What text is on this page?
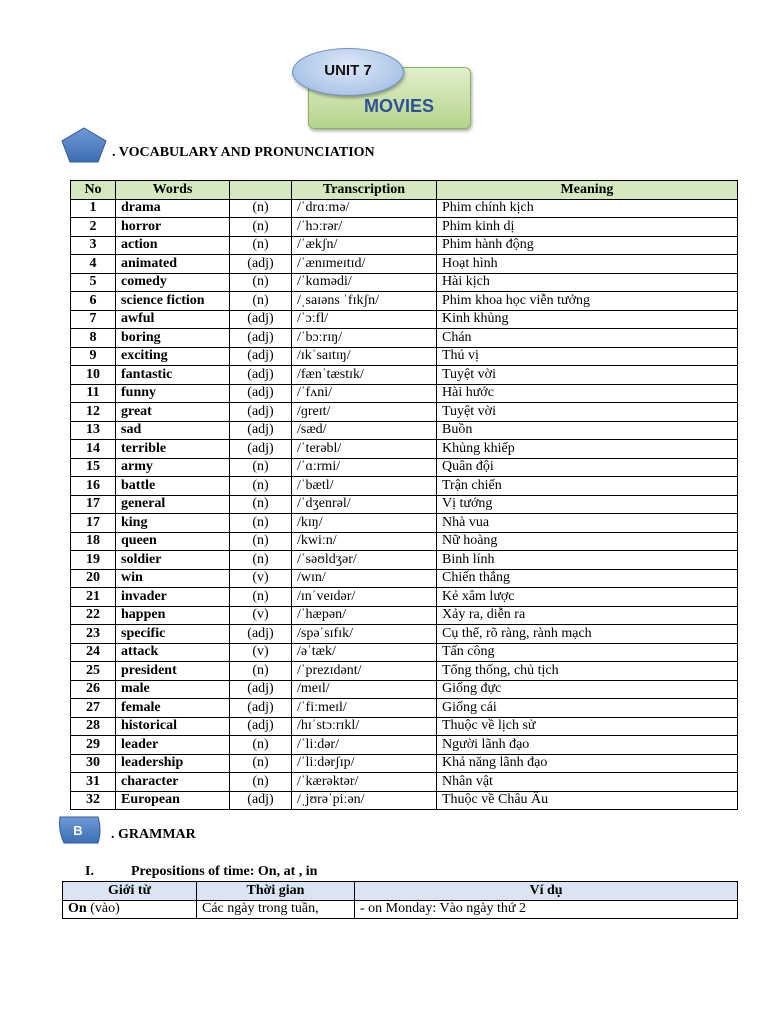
MOVIES
UNIT 7
. VOCABULARY AND PRONUNCIATION
No	Words		Transcription	Meaning
1	drama	(n)	/ˈdrɑːmə/	Phim chính kịch
2	horror	(n)	/ˈhɔːrər/	Phim kinh dị
3	action	(n)	/ˈækʃn/	Phim hành động
4	animated	(adj)	/ˈænɪmeɪtɪd/	Hoạt hình
5	comedy	(n)	/ˈkɑmədi/	Hài kịch
6	science fiction	(n)	/ˌsaɪəns ˈfɪkʃn/	Phim khoa học viễn tưởng
7	awful	(adj)	/ˈɔːfl/	Kinh khủng
8	boring	(adj)	/ˈbɔːrɪŋ/	Chán
9	exciting	(adj)	/ɪkˈsaɪtɪŋ/	Thú vị
10	fantastic	(adj)	/fænˈtæstɪk/	Tuyệt vời
11	funny	(adj)	/ˈfʌni/	Hài hước
12	great	(adj)	/ɡreɪt/	Tuyệt vời
13	sad	(adj)	/sæd/	Buồn
14	terrible	(adj)	/ˈterəbl/	Khủng khiếp
15	army	(n)	/ˈɑːrmi/	Quân đội
16	battle	(n)	/ˈbætl/	Trận chiến
17	general	(n)	/ˈdʒenrəl/	Vị tướng
17	king	(n)	/kɪŋ/	Nhà vua
18	queen	(n)	/kwiːn/	Nữ hoàng
19	soldier	(n)	/ˈsəʊldʒər/	Binh lính
20	win	(v)	/wɪn/	Chiến thắng
21	invader	(n)	/ɪnˈveɪdər/	Kẻ xâm lược
22	happen	(v)	/ˈhæpən/	Xảy ra, diễn ra
23	specific	(adj)	/spəˈsɪfɪk/	Cụ thể, rõ ràng, rành mạch
24	attack	(v)	/əˈtæk/	Tấn công
25	president	(n)	/ˈprezɪdənt/	Tổng thống, chủ tịch
26	male	(adj)	/meɪl/	Giống đực
27	female	(adj)	/ˈfiːmeɪl/	Giống cái
28	historical	(adj)	/hɪˈstɔːrɪkl/	Thuộc về lịch sử
29	leader	(n)	/ˈliːdər/	Người lãnh đạo
30	leadership	(n)	/ˈliːdərʃɪp/	Khả năng lãnh đạo
31	character	(n)	/ˈkærəktər/	Nhân vật
32	European	(adj)	/ˌjʊrəˈpiːən/	Thuộc về Châu Âu
B . GRAMMAR
I.	Prepositions of time: On, at , in
Giới từ	Thời gian	Ví dụ
On (vào)	Các ngày trong tuần,	- on Monday: Vào ngày thứ 2
